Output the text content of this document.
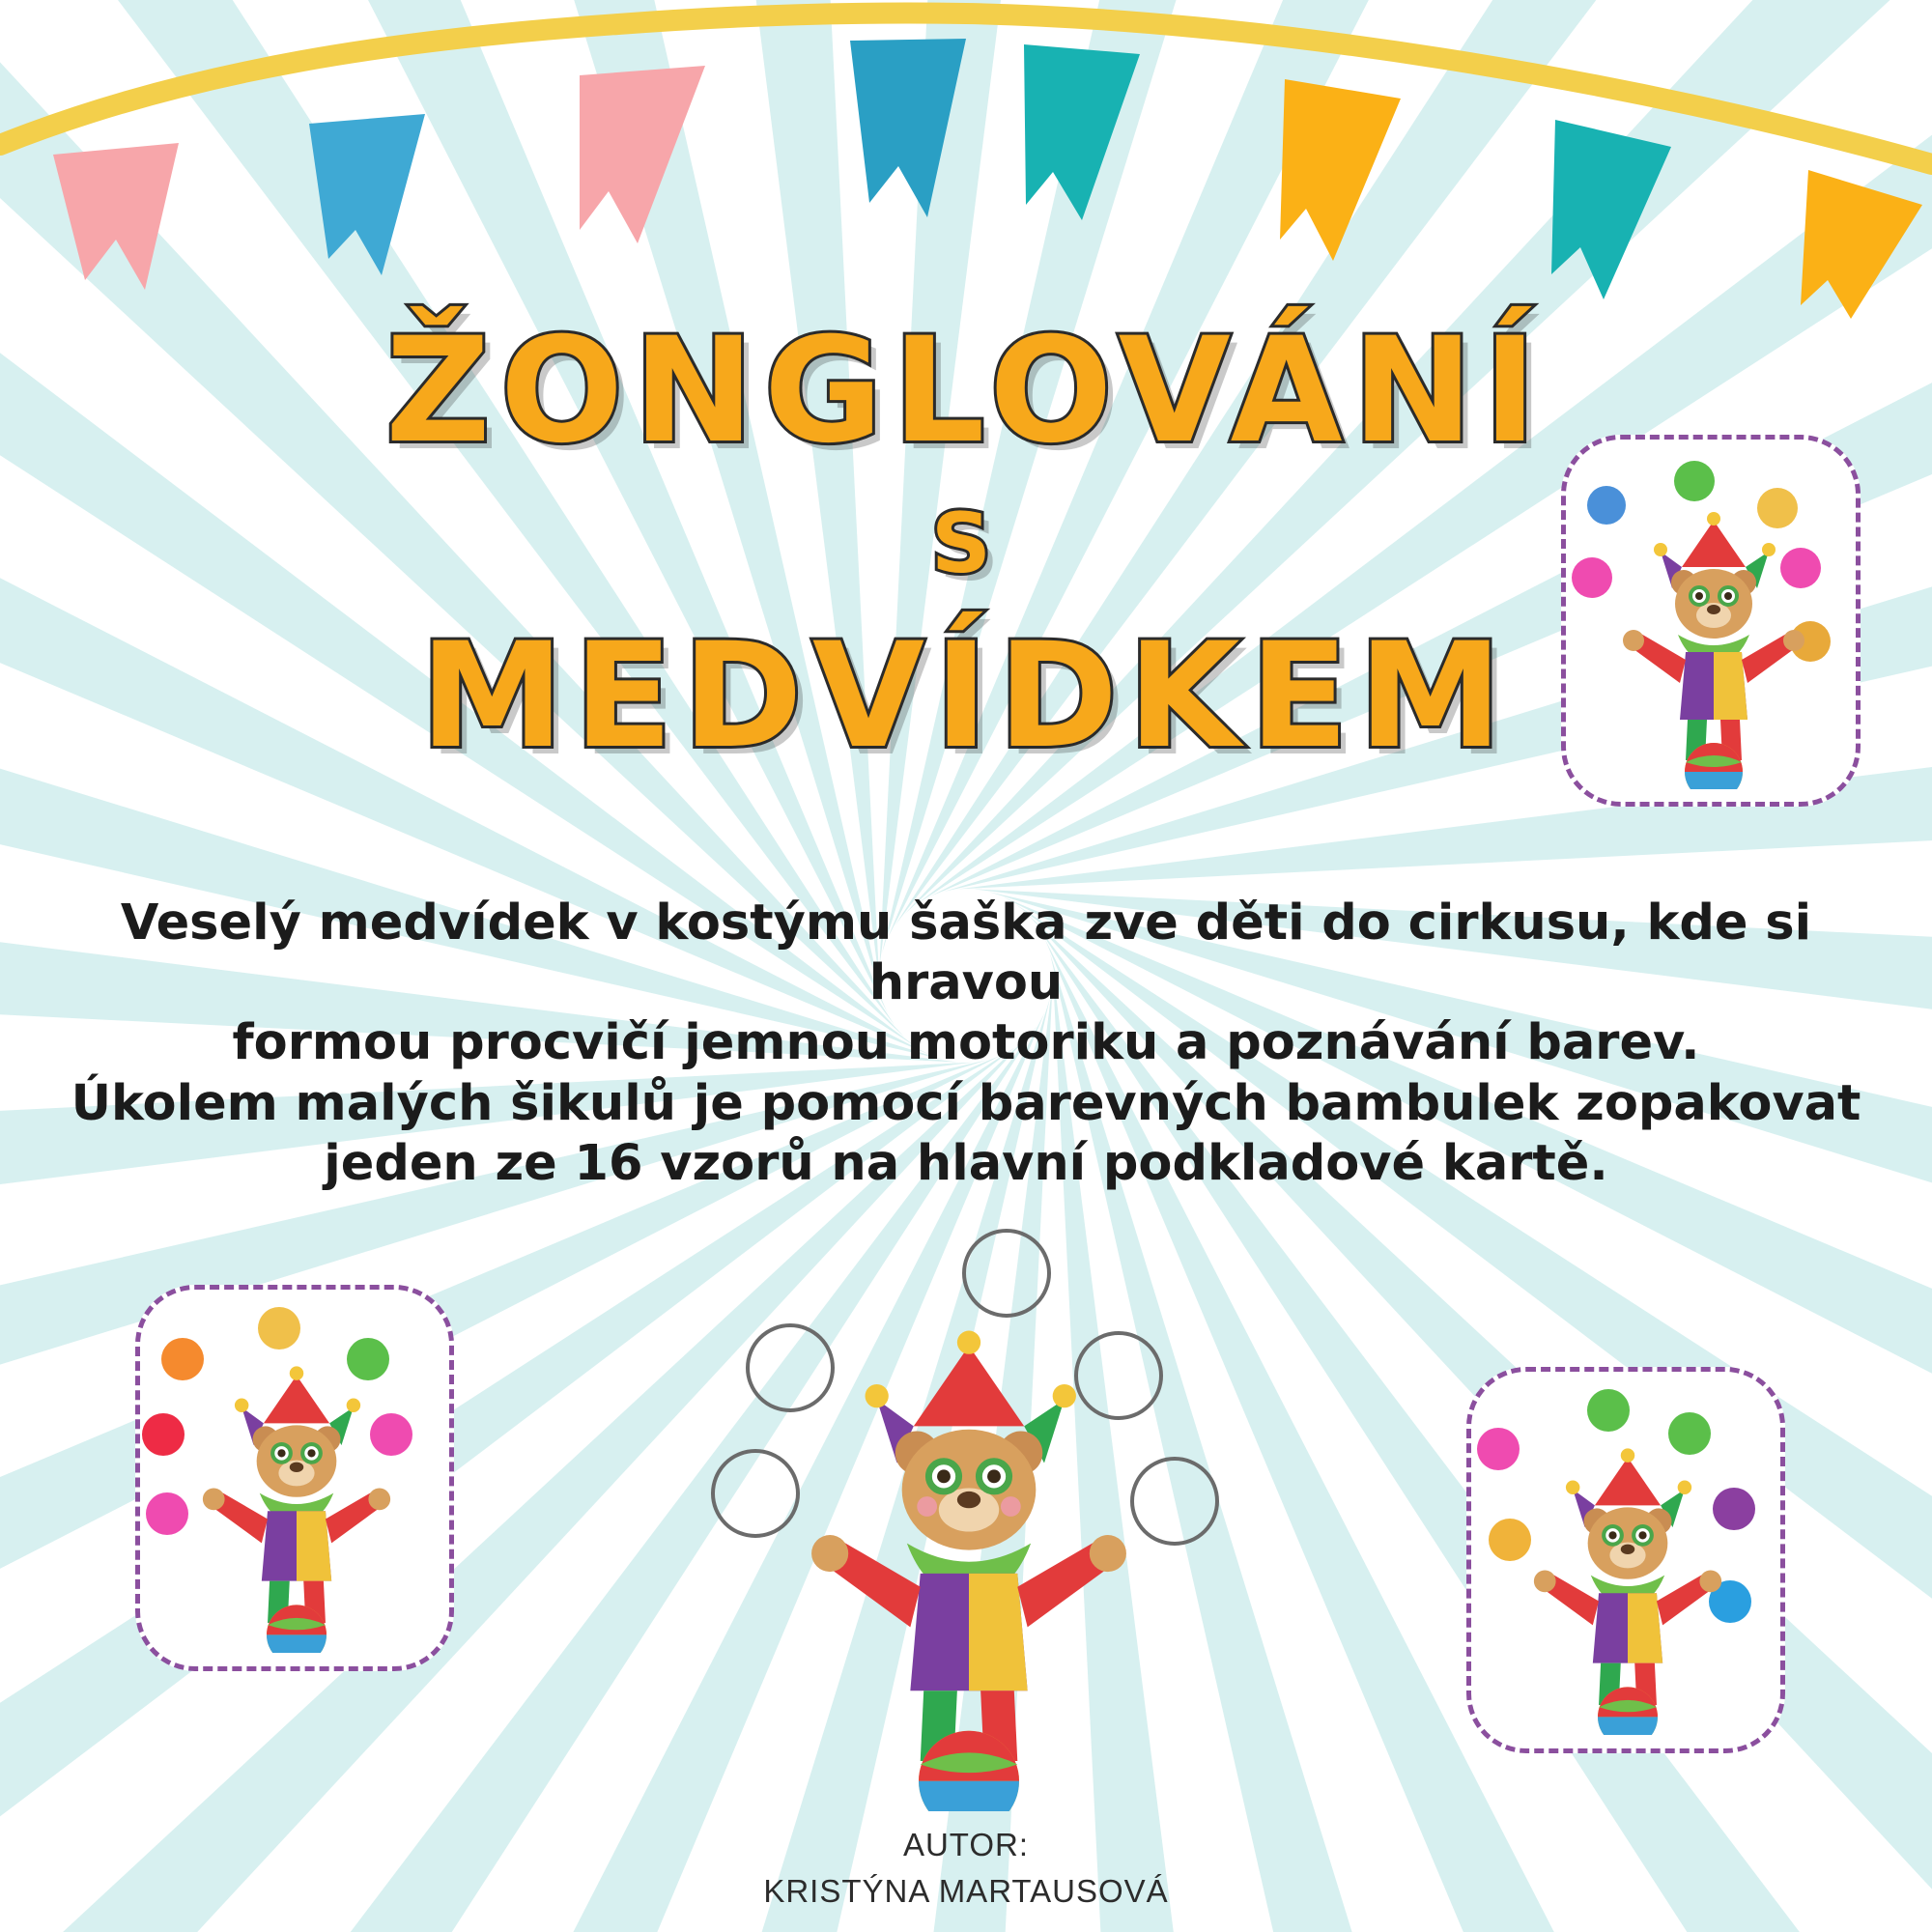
ŽONGLOVÁNÍ
S
MEDVÍDKEM

Veselý medvídek v kostýmu šaška zve děti do cirkusu, kde si hravou

formou procvičí jemnou motoriku a poznávání barev.

Úkolem malých šikulů je pomocí barevných bambulek zopakovat

jeden ze 16 vzorů na hlavní podkladové kartě.

AUTOR:
KRISTÝNA MARTAUSOVÁ
